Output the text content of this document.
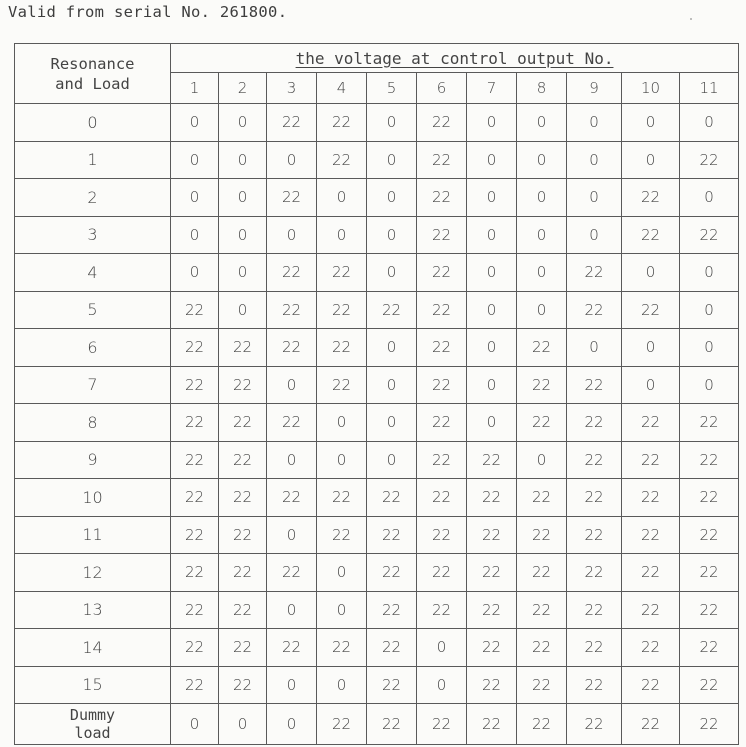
Valid from serial No. 261800.
Resonance
and Load	the voltage at control output No.										
	1	2	3	4	5	6	7	8	9	10	11
0	0	0	22	22	0	22	0	0	0	0	0
1	0	0	0	22	0	22	0	0	0	0	22
2	0	0	22	0	0	22	0	0	0	22	0
3	0	0	0	0	0	22	0	0	0	22	22
4	0	0	22	22	0	22	0	0	22	0	0
5	22	0	22	22	22	22	0	0	22	22	0
6	22	22	22	22	0	22	0	22	0	0	0
7	22	22	0	22	0	22	0	22	22	0	0
8	22	22	22	0	0	22	0	22	22	22	22
9	22	22	0	0	0	22	22	0	22	22	22
10	22	22	22	22	22	22	22	22	22	22	22
11	22	22	0	22	22	22	22	22	22	22	22
12	22	22	22	0	22	22	22	22	22	22	22
13	22	22	0	0	22	22	22	22	22	22	22
14	22	22	22	22	22	0	22	22	22	22	22
15	22	22	0	0	22	0	22	22	22	22	22

Dummy
load	0	0	0	22	22	22	22	22	22	22	22
